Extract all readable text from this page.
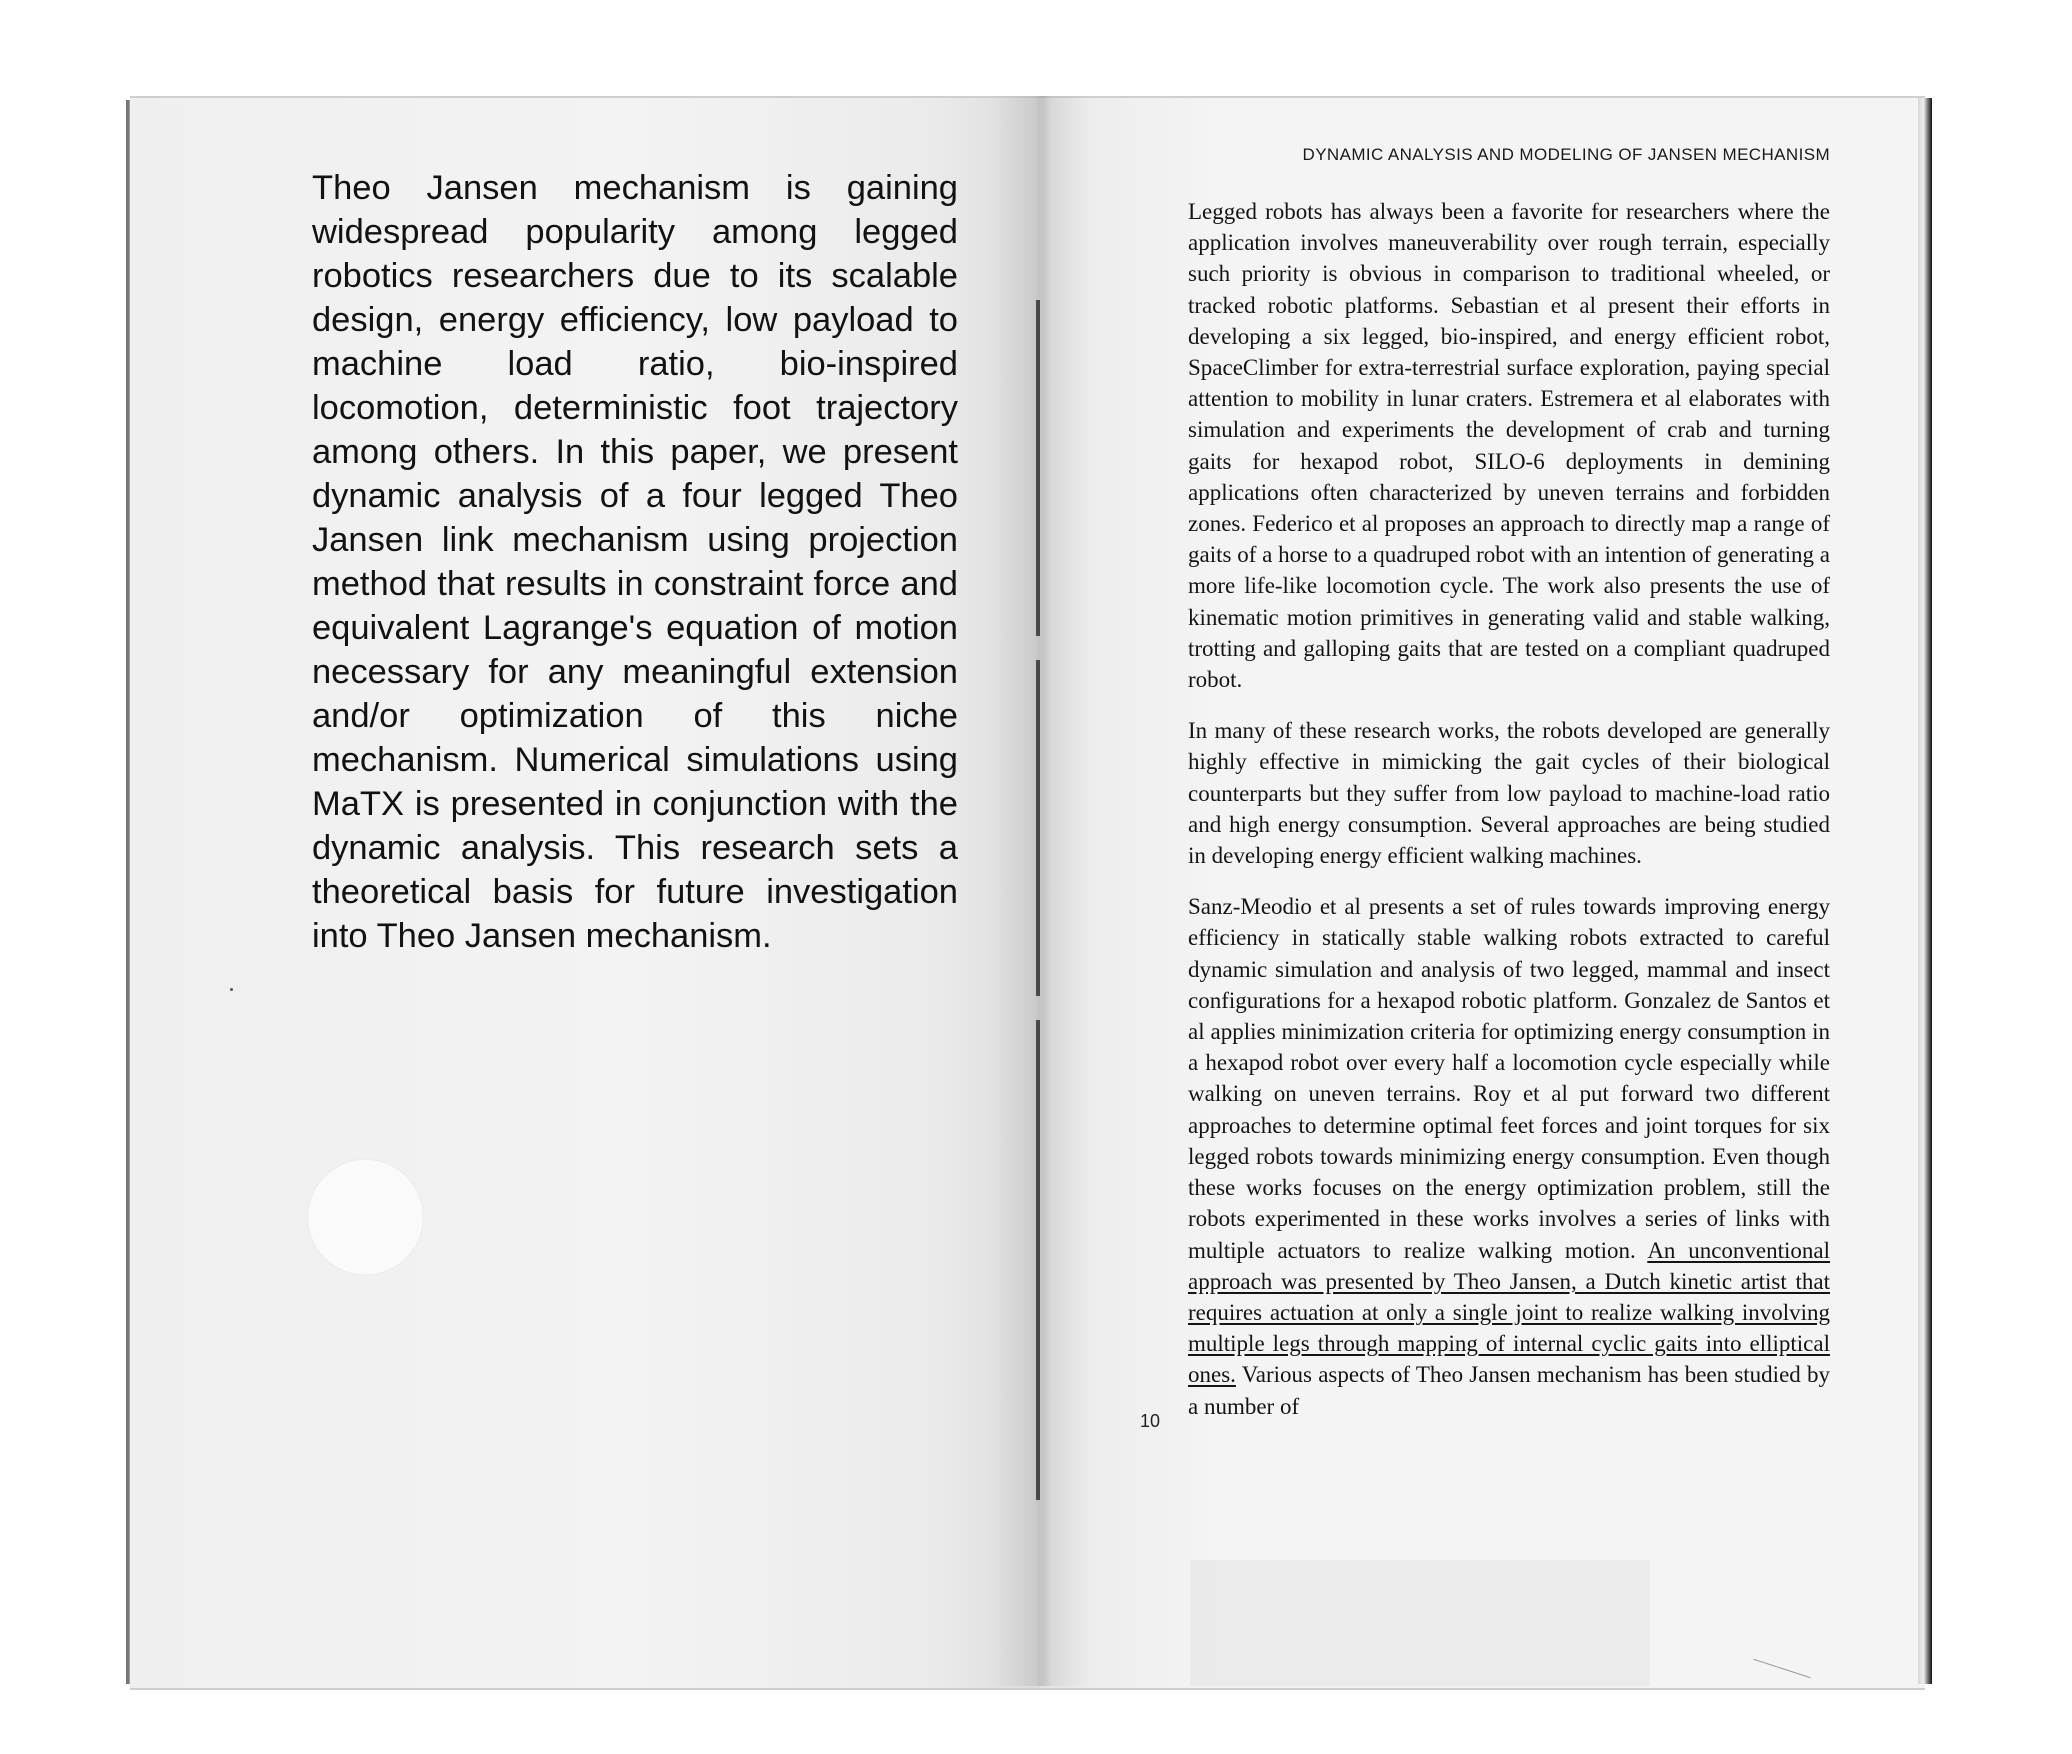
●

Theo Jansen mechanism is gaining widespread popularity among legged robotics researchers due to its scalable design, energy efficiency, low payload to machine load ratio, bio-inspired locomotion, deterministic foot trajectory among others. In this paper, we present dynamic analysis of a four legged Theo Jansen link mechanism using projection method that results in constraint force and equivalent Lagrange's equation of motion necessary for any meaningful extension and/or optimization of this niche mechanism. Numerical simulations using MaTX is presented in conjunction with the dynamic analysis. This research sets a theoretical basis for future investigation into Theo Jansen mechanism.

DYNAMIC ANALYSIS AND MODELING OF JANSEN MECHANISM

Legged robots has always been a favorite for researchers where the application involves maneuverability over rough terrain, especially such priority is obvious in comparison to traditional wheeled, or tracked robotic platforms. Sebastian et al present their efforts in developing a six legged, bio-inspired, and energy efficient robot, SpaceClimber for extra-terrestrial surface exploration, paying special attention to mobility in lunar craters. Estremera et al elaborates with simulation and experiments the development of crab and turning gaits for hexapod robot, SILO-6 deployments in demining applications often characterized by uneven terrains and forbidden zones. Federico et al proposes an approach to directly map a range of gaits of a horse to a quadruped robot with an intention of generating a more life-like locomotion cycle. The work also presents the use of kinematic motion primitives in generating valid and stable walking, trotting and galloping gaits that are tested on a compliant quadruped robot.

In many of these research works, the robots developed are generally highly effective in mimicking the gait cycles of their biological counterparts but they suffer from low payload to machine-load ratio and high energy consumption. Several approaches are being studied in developing energy efficient walking machines.

Sanz-Meodio et al presents a set of rules towards improving energy efficiency in statically stable walking robots extracted to careful dynamic simulation and analysis of two legged, mammal and insect configurations for a hexapod robotic platform. Gonzalez de Santos et al applies minimization criteria for optimizing energy consumption in a hexapod robot over every half a locomotion cycle especially while walking on uneven terrains. Roy et al put forward two different approaches to determine optimal feet forces and joint torques for six legged robots towards minimizing energy consumption. Even though these works focuses on the energy optimization problem, still the robots experimented in these works involves a series of links with multiple actuators to realize walking motion. An unconventional approach was presented by Theo Jansen, a Dutch kinetic artist that requires actuation at only a single joint to realize walking involving multiple legs through mapping of internal cyclic gaits into elliptical ones. Various aspects of Theo Jansen mechanism has been studied by a number of

10
